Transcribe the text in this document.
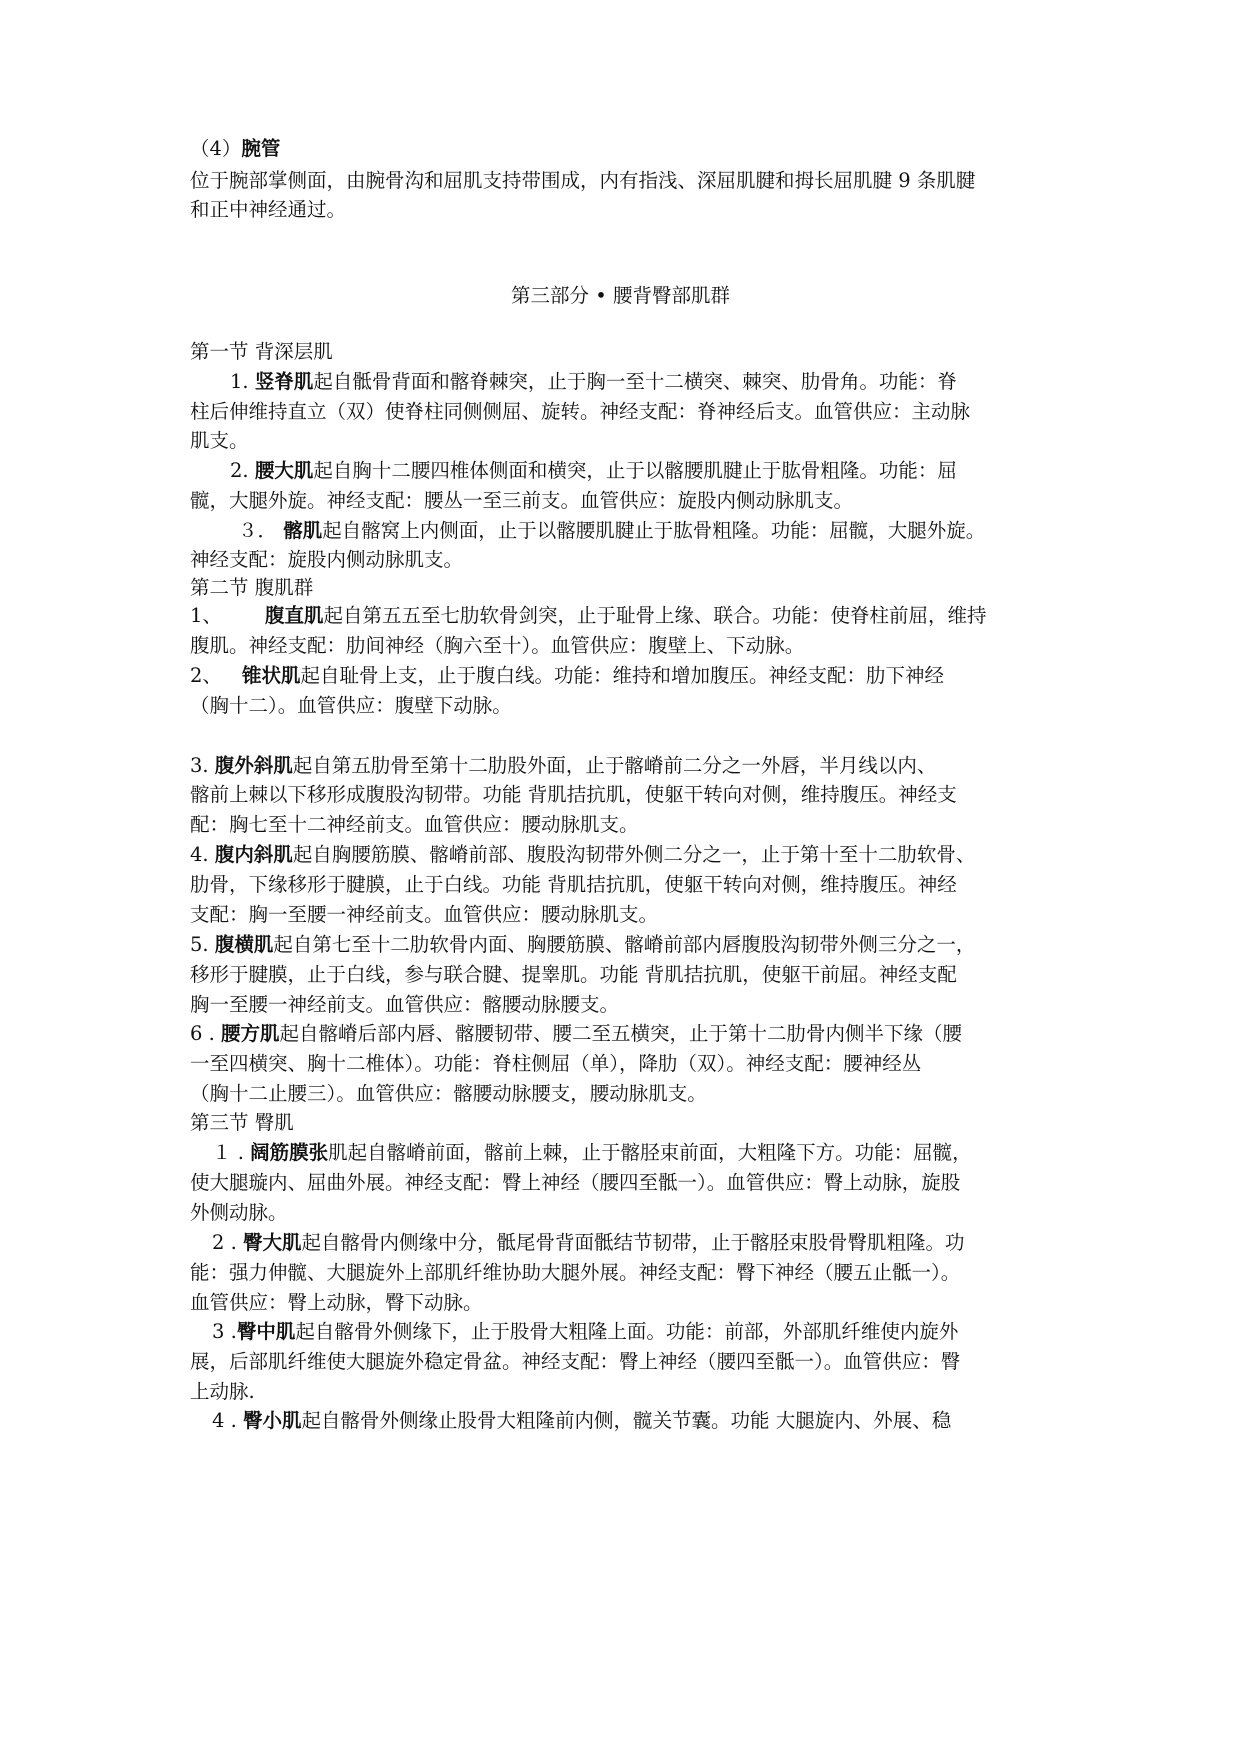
（4）腕管
位于腕部掌侧面，由腕骨沟和屈肌支持带围成，内有指浅、深屈肌腱和拇长屈肌腱 9 条肌腱
和正中神经通过。
第三部分 • 腰背臀部肌群
第一节 背深层肌
1. 竖脊肌起自骶骨背面和髂脊棘突，止于胸一至十二横突、棘突、肋骨角。功能：脊
柱后伸维持直立（双）使脊柱同侧侧屈、旋转。神经支配：脊神经后支。血管供应：主动脉
肌支。
2. 腰大肌起自胸十二腰四椎体侧面和横突，止于以髂腰肌腱止于肱骨粗隆。功能：屈
髋，大腿外旋。神经支配：腰丛一至三前支。血管供应：旋股内侧动脉肌支。
３． 髂肌起自髂窝上内侧面，止于以髂腰肌腱止于肱骨粗隆。功能：屈髋，大腿外旋。
神经支配：旋股内侧动脉肌支。
第二节 腹肌群
1、 腹直肌起自第五五至七肋软骨剑突，止于耻骨上缘、联合。功能：使脊柱前屈，维持
腹肌。神经支配：肋间神经（胸六至十）。血管供应：腹壁上、下动脉。
2、 锥状肌起自耻骨上支，止于腹白线。功能：维持和增加腹压。神经支配：肋下神经
（胸十二）。血管供应：腹壁下动脉。
3. 腹外斜肌起自第五肋骨至第十二肋股外面，止于髂嵴前二分之一外唇，半月线以内、
髂前上棘以下移形成腹股沟韧带。功能 背肌拮抗肌，使躯干转向对侧，维持腹压。神经支
配：胸七至十二神经前支。血管供应：腰动脉肌支。
4. 腹内斜肌起自胸腰筋膜、髂嵴前部、腹股沟韧带外侧二分之一，止于第十至十二肋软骨、
肋骨，下缘移形于腱膜，止于白线。功能 背肌拮抗肌，使躯干转向对侧，维持腹压。神经
支配：胸一至腰一神经前支。血管供应：腰动脉肌支。
5. 腹横肌起自第七至十二肋软骨内面、胸腰筋膜、髂嵴前部内唇腹股沟韧带外侧三分之一，
移形于腱膜，止于白线，参与联合腱、提睾肌。功能 背肌拮抗肌，使躯干前屈。神经支配
胸一至腰一神经前支。血管供应：髂腰动脉腰支。
6 . 腰方肌起自髂嵴后部内唇、髂腰韧带、腰二至五横突，止于第十二肋骨内侧半下缘（腰
一至四横突、胸十二椎体）。功能：脊柱侧屈（单），降肋（双）。神经支配：腰神经丛
（胸十二止腰三）。血管供应：髂腰动脉腰支，腰动脉肌支。
第三节 臀肌
１ . 阔筋膜张肌起自髂嵴前面，髂前上棘，止于髂胫束前面，大粗隆下方。功能：屈髋，
使大腿璇内、屈曲外展。神经支配：臀上神经（腰四至骶一）。血管供应：臀上动脉，旋股
外侧动脉。
2 . 臀大肌起自髂骨内侧缘中分，骶尾骨背面骶结节韧带，止于髂胫束股骨臀肌粗隆。功
能：强力伸髋、大腿旋外上部肌纤维协助大腿外展。神经支配：臀下神经（腰五止骶一）。
血管供应：臀上动脉，臀下动脉。
3 .臀中肌起自髂骨外侧缘下，止于股骨大粗隆上面。功能：前部，外部肌纤维使内旋外
展，后部肌纤维使大腿旋外稳定骨盆。神经支配：臀上神经（腰四至骶一）。血管供应：臀
上动脉.
4 . 臀小肌起自髂骨外侧缘止股骨大粗隆前内侧，髋关节囊。功能 大腿旋内、外展、稳
